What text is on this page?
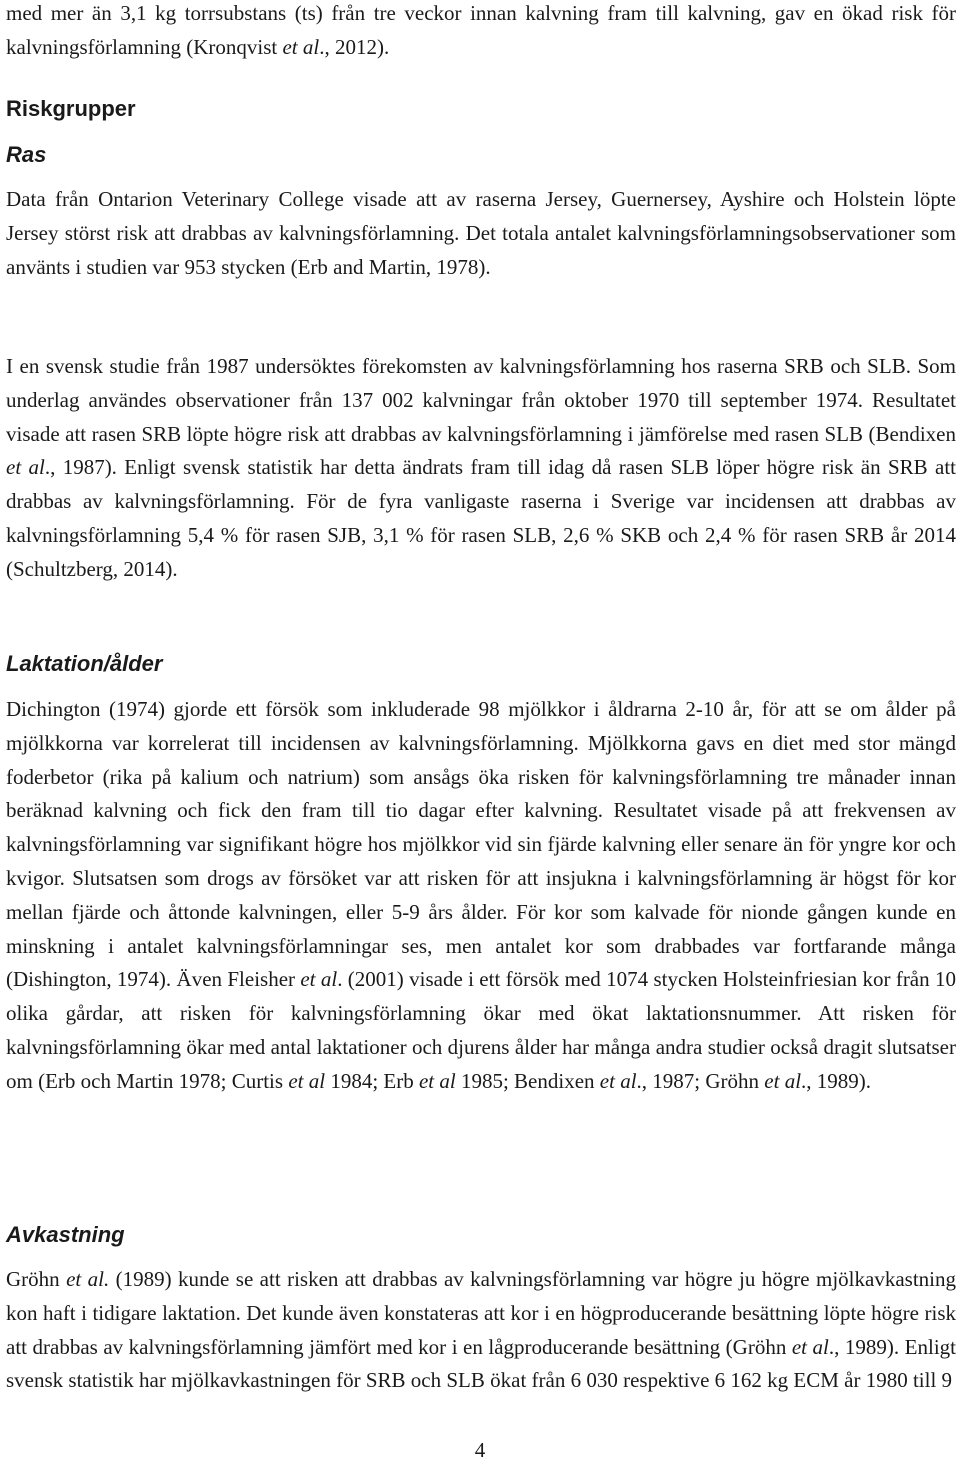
med mer än 3,1 kg torrsubstans (ts) från tre veckor innan kalvning fram till kalvning, gav en ökad risk för kalvningsförlamning (Kronqvist et al., 2012).

Riskgrupper
Ras

Data från Ontarion Veterinary College visade att av raserna Jersey, Guernersey, Ayshire och Holstein löpte Jersey störst risk att drabbas av kalvningsförlamning. Det totala antalet kalvningsförlamningsobservationer som använts i studien var 953 stycken (Erb and Martin, 1978).

I en svensk studie från 1987 undersöktes förekomsten av kalvningsförlamning hos raserna SRB och SLB. Som underlag användes observationer från 137 002 kalvningar från oktober 1970 till september 1974. Resultatet visade att rasen SRB löpte högre risk att drabbas av kalvningsförlamning i jämförelse med rasen SLB (Bendixen et al., 1987). Enligt svensk statistik har detta ändrats fram till idag då rasen SLB löper högre risk än SRB att drabbas av kalvningsförlamning. För de fyra vanligaste raserna i Sverige var incidensen att drabbas av kalvningsförlamning 5,4 % för rasen SJB, 3,1 % för rasen SLB, 2,6 % SKB och 2,4 % för rasen SRB år 2014 (Schultzberg, 2014).

Laktation/ålder

Dichington (1974) gjorde ett försök som inkluderade 98 mjölkkor i åldrarna 2-10 år, för att se om ålder på mjölkkorna var korrelerat till incidensen av kalvningsförlamning. Mjölkkorna gavs en diet med stor mängd foderbetor (rika på kalium och natrium) som ansågs öka risken för kalvningsförlamning tre månader innan beräknad kalvning och fick den fram till tio dagar efter kalvning. Resultatet visade på att frekvensen av kalvningsförlamning var signifikant högre hos mjölkkor vid sin fjärde kalvning eller senare än för yngre kor och kvigor. Slutsatsen som drogs av försöket var att risken för att insjukna i kalvningsförlamning är högst för kor mellan fjärde och åttonde kalvningen, eller 5-9 års ålder. För kor som kalvade för nionde gången kunde en minskning i antalet kalvningsförlamningar ses, men antalet kor som drabbades var fortfarande många (Dishington, 1974). Även Fleisher et al. (2001) visade i ett försök med 1074 stycken Holsteinfriesian kor från 10 olika gårdar, att risken för kalvningsförlamning ökar med ökat laktationsnummer. Att risken för kalvningsförlamning ökar med antal laktationer och djurens ålder har många andra studier också dragit slutsatser om (Erb och Martin 1978; Curtis et al 1984; Erb et al 1985; Bendixen et al., 1987; Gröhn et al., 1989).

Avkastning

Gröhn et al. (1989) kunde se att risken att drabbas av kalvningsförlamning var högre ju högre mjölkavkastning kon haft i tidigare laktation. Det kunde även konstateras att kor i en högproducerande besättning löpte högre risk att drabbas av kalvningsförlamning jämfört med kor i en lågproducerande besättning (Gröhn et al., 1989). Enligt svensk statistik har mjölkavkastningen för SRB och SLB ökat från 6 030 respektive 6 162 kg ECM år 1980 till 9

4
